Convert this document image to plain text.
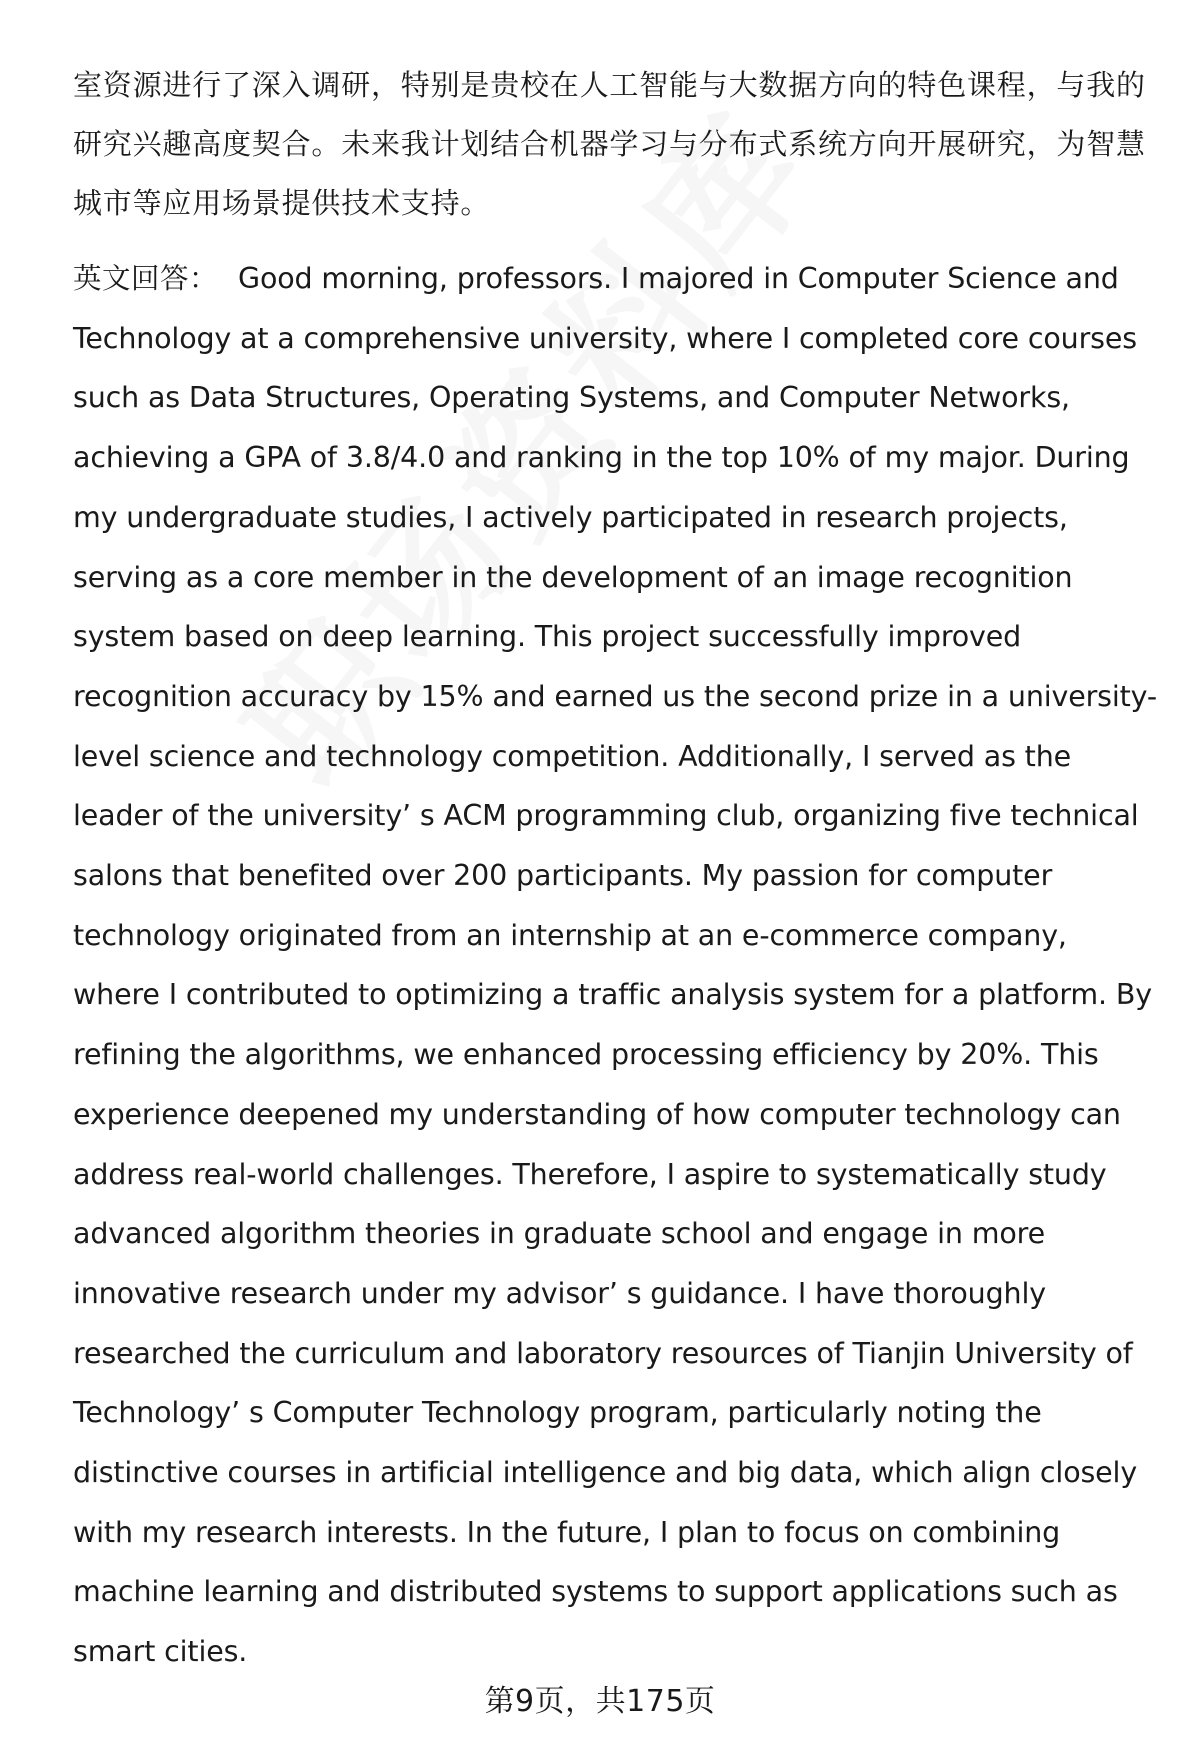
室资源进行了深入调研，特别是贵校在人工智能与大数据方向的特色课程，与我的研究兴趣高度契合。未来我计划结合机器学习与分布式系统方向开展研究，为智慧城市等应用场景提供技术支持。

英文回答： Good morning, professors. I majored in Computer Science and Technology at a comprehensive university, where I completed core courses such as Data Structures, Operating Systems, and Computer Networks, achieving a GPA of 3.8/4.0 and ranking in the top 10% of my major. During my undergraduate studies, I actively participated in research projects, serving as a core member in the development of an image recognition system based on deep learning. This project successfully improved recognition accuracy by 15% and earned us the second prize in a university-level science and technology competition. Additionally, I served as the leader of the university’ s ACM programming club, organizing five technical salons that benefited over 200 participants. My passion for computer technology originated from an internship at an e-commerce company, where I contributed to optimizing a traffic analysis system for a platform. By refining the algorithms, we enhanced processing efficiency by 20%. This experience deepened my understanding of how computer technology can address real-world challenges. Therefore, I aspire to systematically study advanced algorithm theories in graduate school and engage in more innovative research under my advisor’ s guidance. I have thoroughly researched the curriculum and laboratory resources of Tianjin University of Technology’ s Computer Technology program, particularly noting the distinctive courses in artificial intelligence and big data, which align closely with my research interests. In the future, I plan to focus on combining machine learning and distributed systems to support applications such as smart cities.

第9页，共175页
